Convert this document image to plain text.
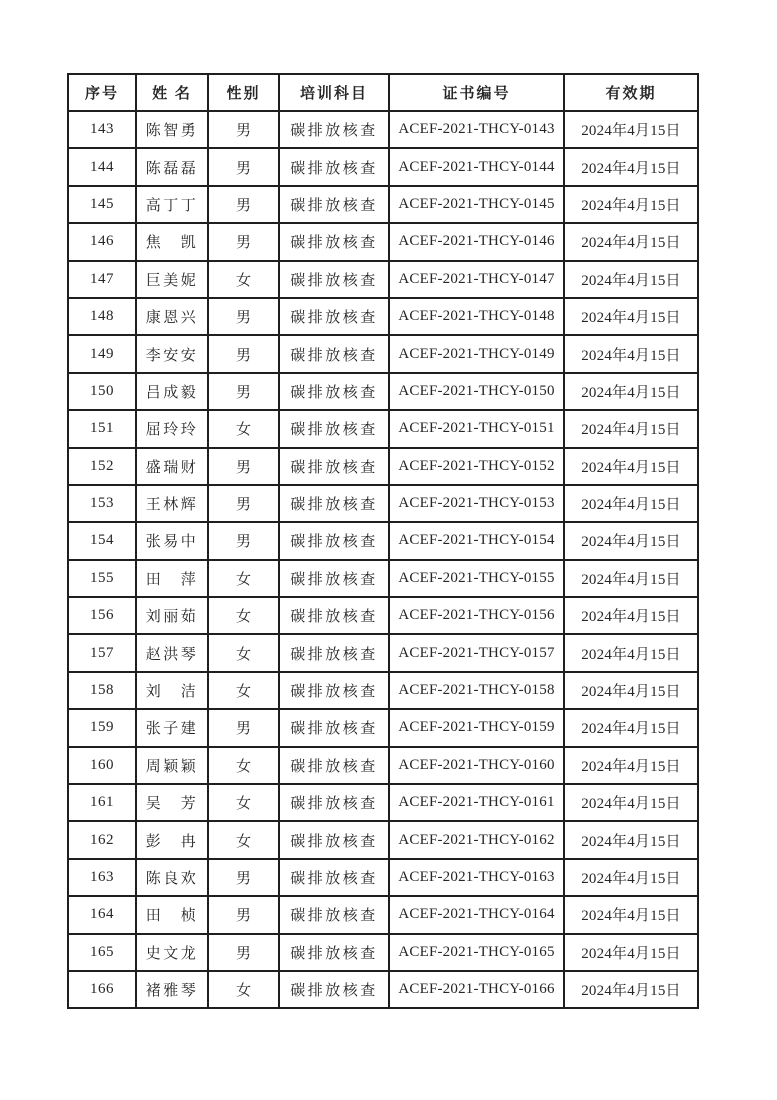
序号	姓 名	性别	培训科目	证书编号	有效期
143	陈智勇	男	碳排放核查	ACEF-2021-THCY-0143	2024年4月15日
144	陈磊磊	男	碳排放核查	ACEF-2021-THCY-0144	2024年4月15日
145	高丁丁	男	碳排放核查	ACEF-2021-THCY-0145	2024年4月15日
146	焦　凯	男	碳排放核查	ACEF-2021-THCY-0146	2024年4月15日
147	巨美妮	女	碳排放核查	ACEF-2021-THCY-0147	2024年4月15日
148	康恩兴	男	碳排放核查	ACEF-2021-THCY-0148	2024年4月15日
149	李安安	男	碳排放核查	ACEF-2021-THCY-0149	2024年4月15日
150	吕成毅	男	碳排放核查	ACEF-2021-THCY-0150	2024年4月15日
151	屈玲玲	女	碳排放核查	ACEF-2021-THCY-0151	2024年4月15日
152	盛瑞财	男	碳排放核查	ACEF-2021-THCY-0152	2024年4月15日
153	王林辉	男	碳排放核查	ACEF-2021-THCY-0153	2024年4月15日
154	张易中	男	碳排放核查	ACEF-2021-THCY-0154	2024年4月15日
155	田　萍	女	碳排放核查	ACEF-2021-THCY-0155	2024年4月15日
156	刘丽茹	女	碳排放核查	ACEF-2021-THCY-0156	2024年4月15日
157	赵洪琴	女	碳排放核查	ACEF-2021-THCY-0157	2024年4月15日
158	刘　洁	女	碳排放核查	ACEF-2021-THCY-0158	2024年4月15日
159	张子建	男	碳排放核查	ACEF-2021-THCY-0159	2024年4月15日
160	周颖颖	女	碳排放核查	ACEF-2021-THCY-0160	2024年4月15日
161	吴　芳	女	碳排放核查	ACEF-2021-THCY-0161	2024年4月15日
162	彭　冉	女	碳排放核查	ACEF-2021-THCY-0162	2024年4月15日
163	陈良欢	男	碳排放核查	ACEF-2021-THCY-0163	2024年4月15日
164	田　桢	男	碳排放核查	ACEF-2021-THCY-0164	2024年4月15日
165	史文龙	男	碳排放核查	ACEF-2021-THCY-0165	2024年4月15日
166	褚雅琴	女	碳排放核查	ACEF-2021-THCY-0166	2024年4月15日
